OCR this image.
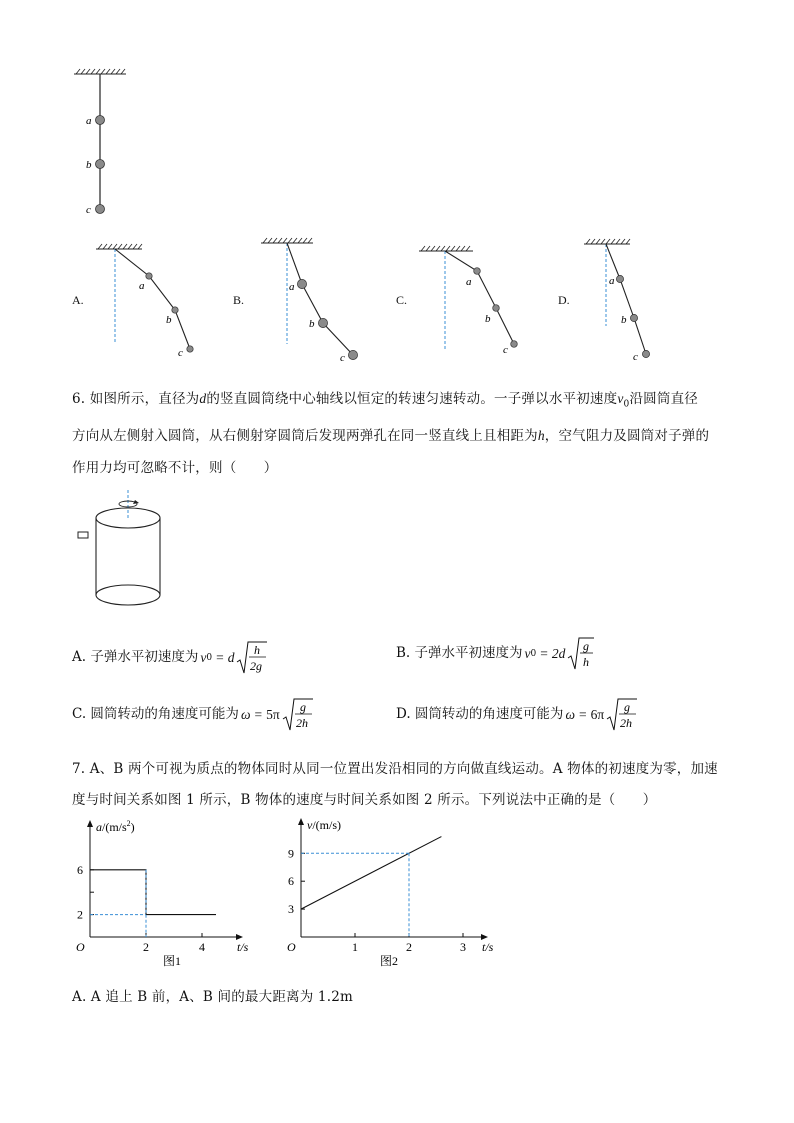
a
b
c
A.
a
b
c
B.
a
b
c
C.
a
b
c
D.
a
b
c
6. 如图所示，直径为d的竖直圆筒绕中心轴线以恒定的转速匀速转动。一子弹以水平初速度$v_0$沿圆筒直径
方向从左侧射入圆筒，从右侧射穿圆筒后发现两弹孔在同一竖直线上且相距为h，空气阻力及圆筒对子弹的
作用力均可忽略不计，则（　　）
A. 子弹水平初速度为 v 0 = d
h
2g
B. 子弹水平初速度为 v 0 = 2d
g
h
C. 圆筒转动的角速度可能为 ω = 5π
g
2h
D. 圆筒转动的角速度可能为 ω = 6π
g
2h
7. A、B 两个可视为质点的物体同时从同一位置出发沿相同的方向做直线运动。A 物体的初速度为零，加速
度与时间关系如图 1 所示，B 物体的速度与时间关系如图 2 所示。下列说法中正确的是（　　）
O	2	4
6
2
t/s
$a/(m/s^2)$
图1
O	1	2	3
9
6
3
t/s
v/(m/s)
图2
A. A 追上 B 前，A、B 间的最大距离为 1.2m
